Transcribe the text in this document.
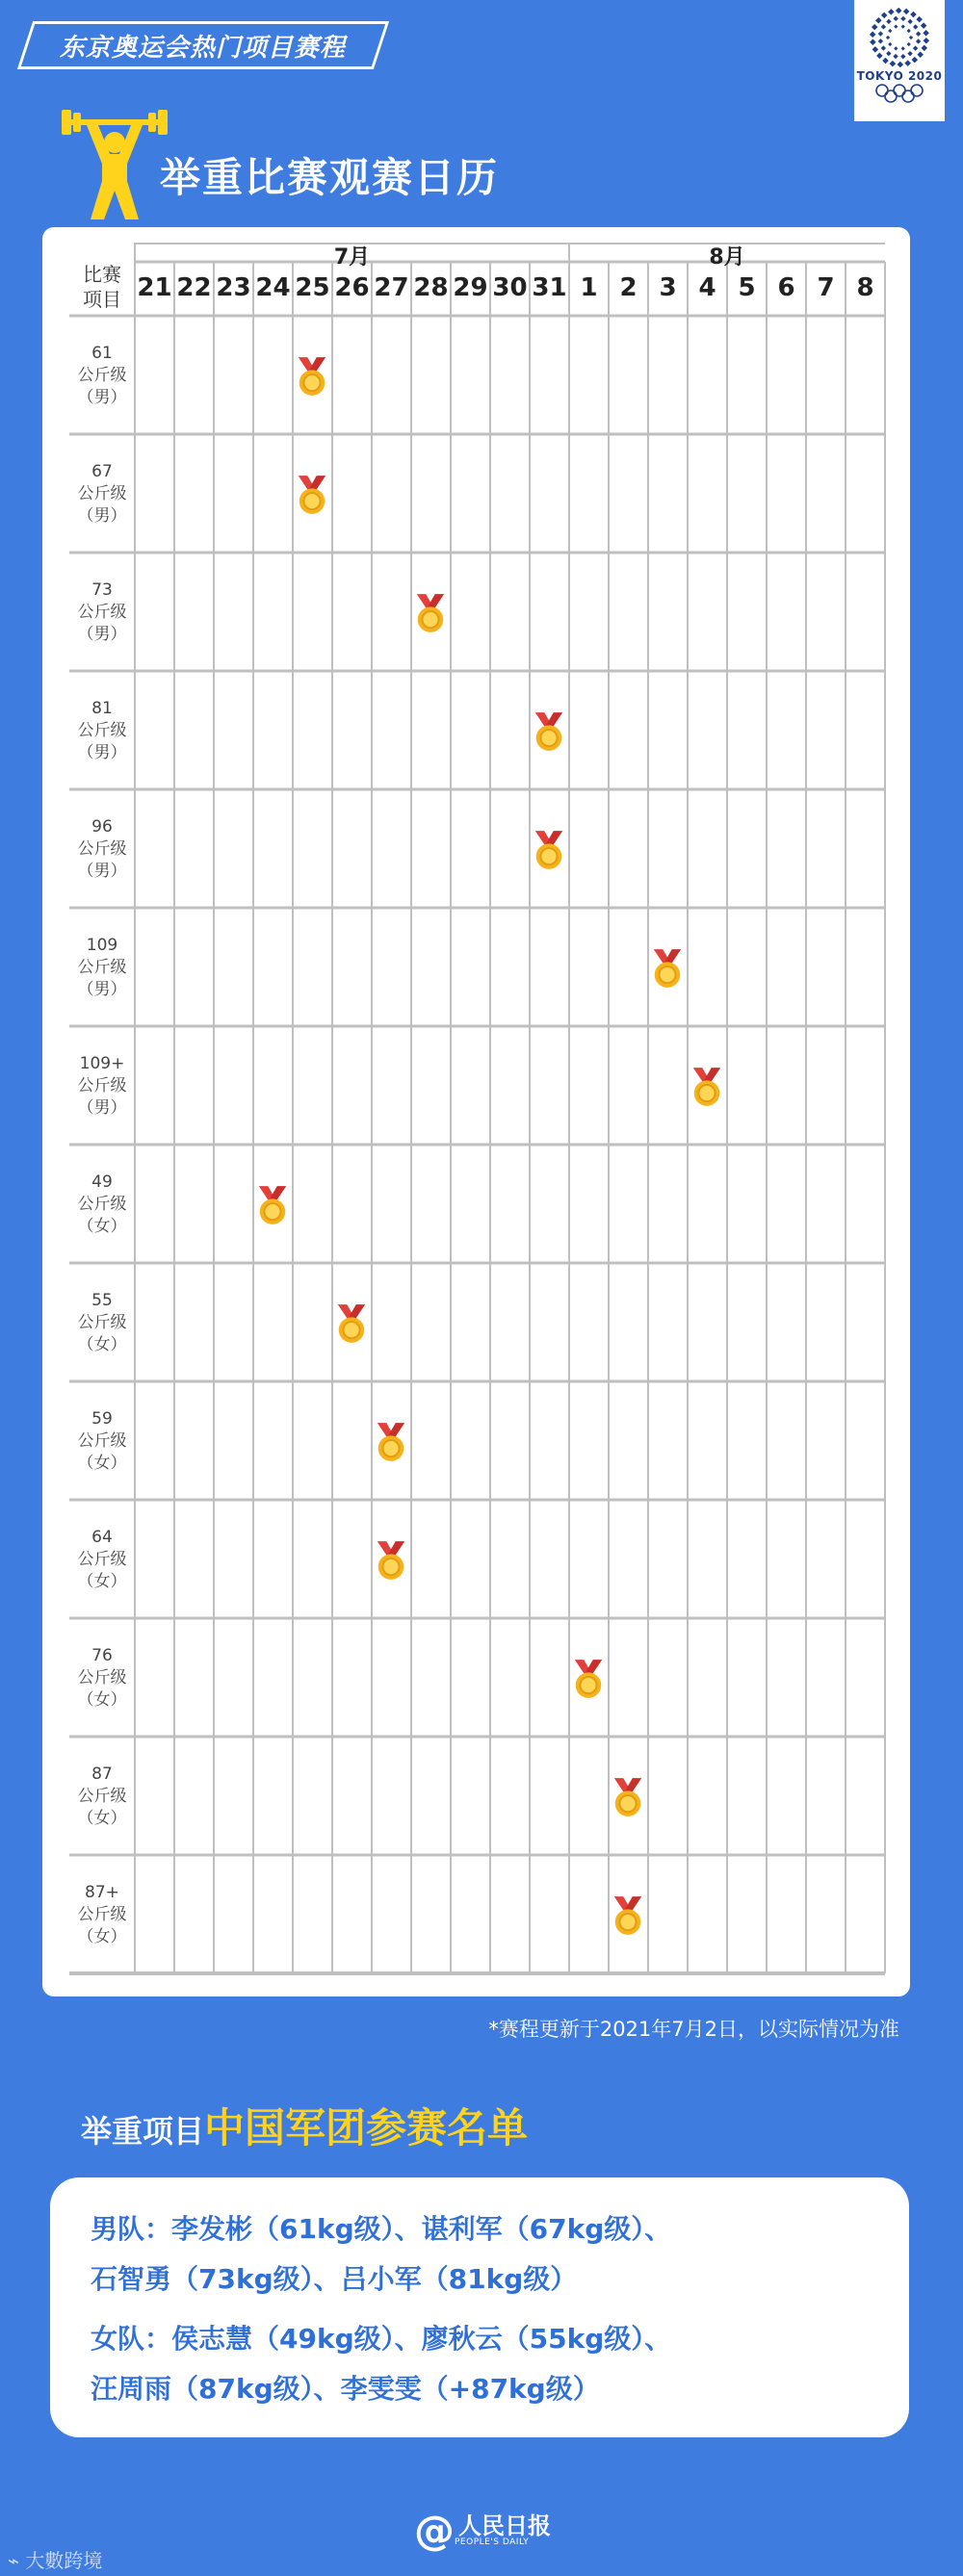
东京奥运会热门项目赛程
TOKYO 2020
举重比赛观赛日历
比赛
项目
7月	8月
21 22 23 24 25 26 27 28 29 30 31 1 2 3 4 5 6 7 8
61
公斤级
（男）
67
公斤级
（男）
73
公斤级
（男）
81
公斤级
（男）
96
公斤级
（男）
109
公斤级
（男）
109+
公斤级
（男）
49
公斤级
（女）
55
公斤级
（女）
59
公斤级
（女）
64
公斤级
（女）
76
公斤级
（女）
87
公斤级
（女）
87+
公斤级
（女）
*赛程更新于2021年7月2日，以实际情况为准
举重项目中国军团参赛名单
男队：李发彬（61kg级）、谌利军（67kg级）、
石智勇（73kg级）、吕小军（81kg级）
女队：侯志慧（49kg级）、廖秋云（55kg级）、
汪周雨（87kg级）、李雯雯（+87kg级）
@ 人民日报
PEOPLE'S DAILY
⌁ 大數跨境
